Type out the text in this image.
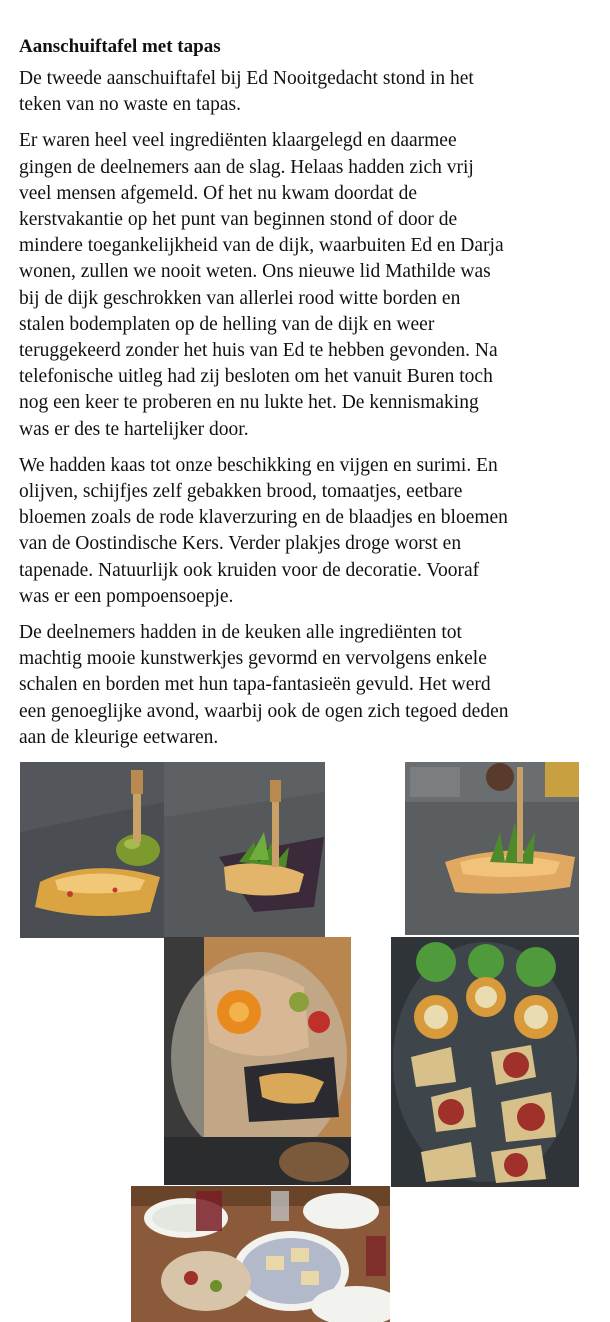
Aanschuiftafel met tapas
De tweede aanschuiftafel bij Ed Nooitgedacht stond in het
teken van no waste en tapas.
Er waren heel veel ingrediënten klaargelegd en daarmee
gingen de deelnemers aan de slag. Helaas hadden zich vrij
veel mensen afgemeld. Of het nu kwam doordat de
kerstvakantie op het punt van beginnen stond of door de
mindere toegankelijkheid van de dijk, waarbuiten Ed en Darja
wonen, zullen we nooit weten. Ons nieuwe lid Mathilde was
bij de dijk geschrokken van allerlei rood witte borden en
stalen bodemplaten op de helling van de dijk en weer
teruggekeerd zonder het huis van Ed te hebben gevonden. Na
telefonische uitleg had zij besloten om het vanuit Buren toch
nog een keer te proberen en nu lukte het. De kennismaking
was er des te hartelijker door.
We hadden kaas tot onze beschikking en vijgen en surimi. En
olijven, schijfjes zelf gebakken brood, tomaatjes, eetbare
bloemen zoals de rode klaverzuring en de blaadjes en bloemen
van de Oostindische Kers. Verder plakjes droge worst en
tapenade. Natuurlijk ook kruiden voor de decoratie. Vooraf
was er een pompoensoepje.
De deelnemers hadden in de keuken alle ingrediënten tot
machtig mooie kunstwerkjes gevormd en vervolgens enkele
schalen en borden met hun tapa-fantasieën gevuld. Het werd
een genoeglijke avond, waarbij ook de ogen zich tegoed deden
aan de kleurige eetwaren.
